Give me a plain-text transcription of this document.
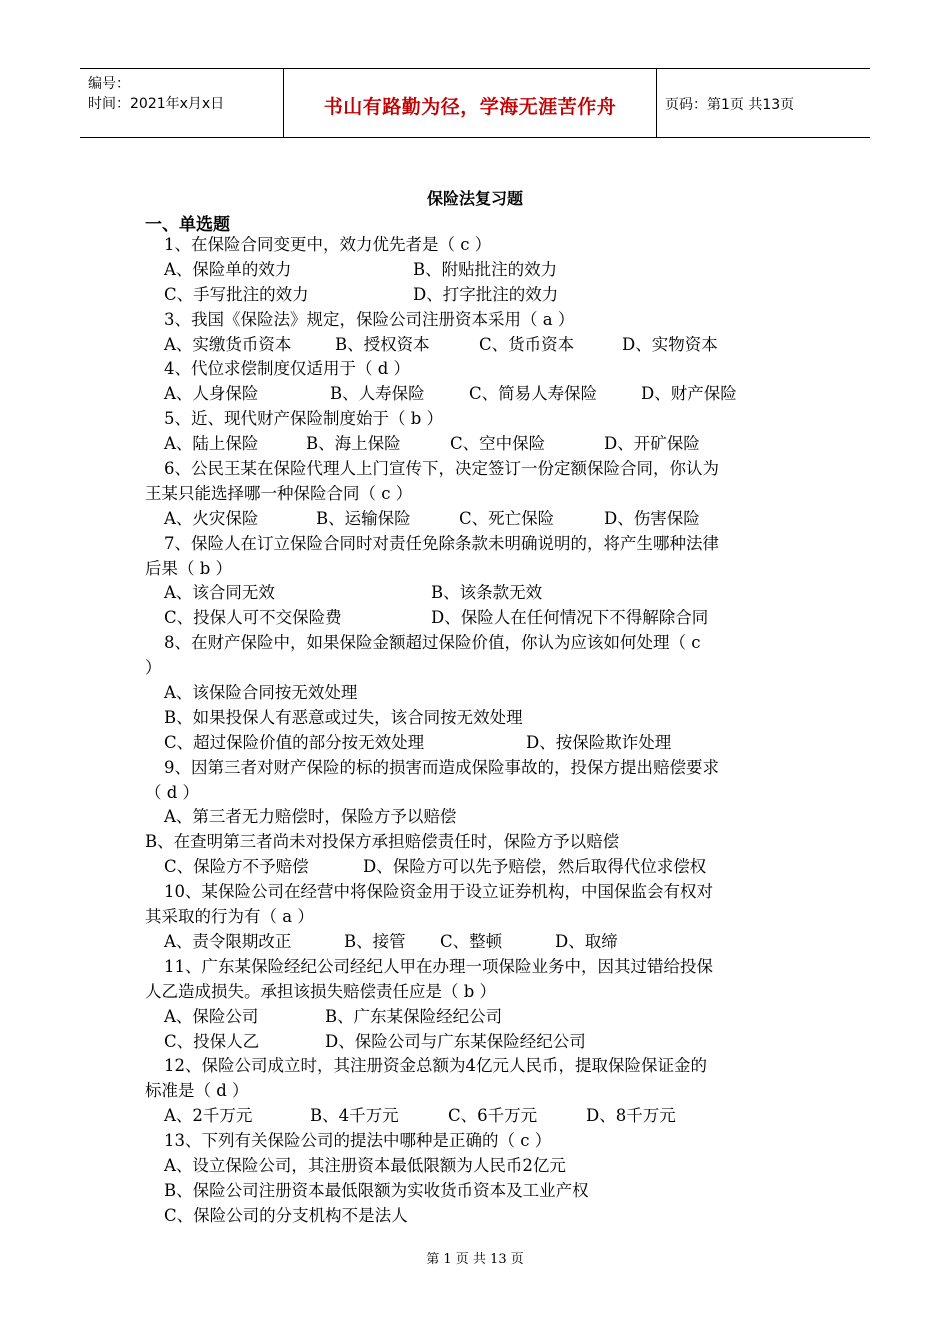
编号：
时间：2021年x月x日	书山有路勤为径，学海无涯苦作舟	页码：第1页 共13页
保险法复习题
一、单选题
1、在保险合同变更中，效力优先者是（ c ）
A、保险单的效力	B、附贴批注的效力
C、手写批注的效力	D、打字批注的效力
3、我国《保险法》规定，保险公司注册资本采用（ a ）
A、实缴货币资本	B、授权资本	C、货币资本	D、实物资本
4、代位求偿制度仅适用于（ d ）
A、人身保险	B、人寿保险	C、简易人寿保险	D、财产保险
5、近、现代财产保险制度始于（ b ）
A、陆上保险	B、海上保险	C、空中保险	D、开矿保险
6、公民王某在保险代理人上门宣传下，决定签订一份定额保险合同，你认为
王某只能选择哪一种保险合同（ c ）
A、火灾保险	B、运输保险	C、死亡保险	D、伤害保险
7、保险人在订立保险合同时对责任免除条款未明确说明的，将产生哪种法律
后果（ b ）
A、该合同无效	B、该条款无效
C、投保人可不交保险费	D、保险人在任何情况下不得解除合同
8、在财产保险中，如果保险金额超过保险价值，你认为应该如何处理（ c
）
A、该保险合同按无效处理
B、如果投保人有恶意或过失，该合同按无效处理
C、超过保险价值的部分按无效处理	D、按保险欺诈处理
9、因第三者对财产保险的标的损害而造成保险事故的，投保方提出赔偿要求
（ d ）
A、第三者无力赔偿时，保险方予以赔偿
B、在查明第三者尚未对投保方承担赔偿责任时，保险方予以赔偿
C、保险方不予赔偿	D、保险方可以先予赔偿，然后取得代位求偿权
10、某保险公司在经营中将保险资金用于设立证券机构，中国保监会有权对
其采取的行为有（ a ）
A、责令限期改正	B、接管 C、整顿	D、取缔
11、广东某保险经纪公司经纪人甲在办理一项保险业务中，因其过错给投保
人乙造成损失。承担该损失赔偿责任应是（ b ）
A、保险公司	B、广东某保险经纪公司
C、投保人乙	D、保险公司与广东某保险经纪公司
12、保险公司成立时，其注册资金总额为4亿元人民币，提取保险保证金的
标准是（ d ）
A、2千万元	B、4千万元	C、6千万元	D、8千万元
13、下列有关保险公司的提法中哪种是正确的（ c ）
A、设立保险公司，其注册资本最低限额为人民币2亿元
B、保险公司注册资本最低限额为实收货币资本及工业产权
C、保险公司的分支机构不是法人
第 1 页 共 13 页
